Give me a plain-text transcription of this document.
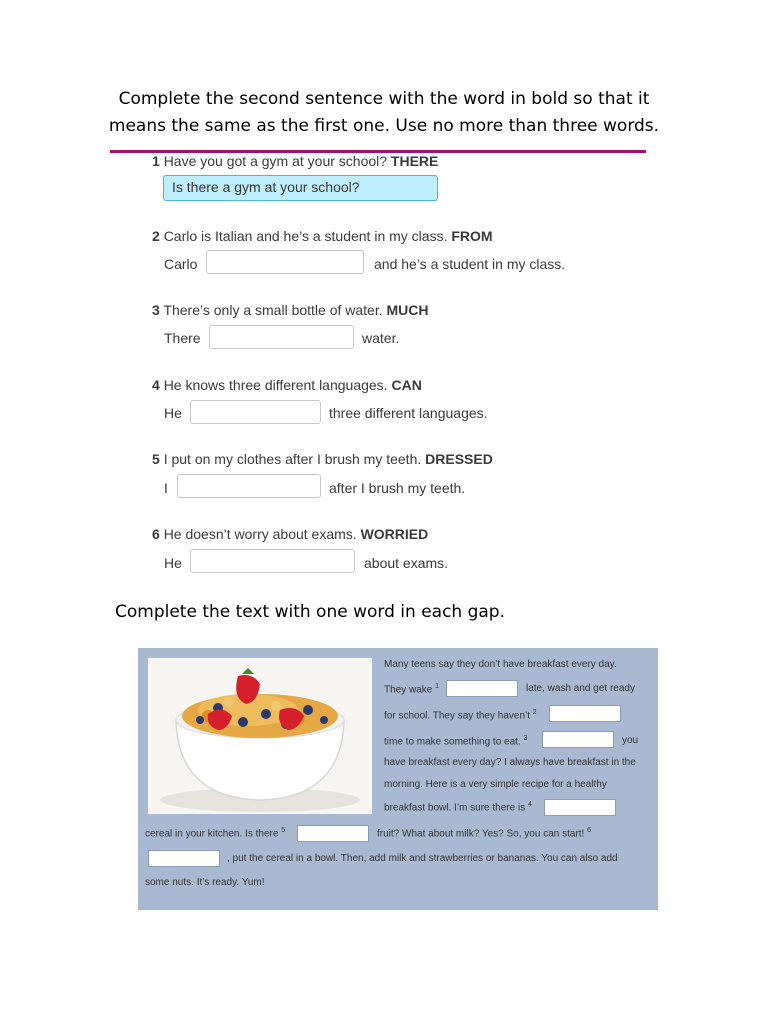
Complete the second sentence with the word in bold so that it
means the same as the first one. Use no more than three words.
1 Have you got a gym at your school? THERE
Is there a gym at your school?
2 Carlo is Italian and he’s a student in my class. FROM
Carlo	and he’s a student in my class.
3 There’s only a small bottle of water. MUCH
There	water.
4 He knows three different languages. CAN
He	three different languages.
5 I put on my clothes after I brush my teeth. DRESSED
I	after I brush my teeth.
6 He doesn’t worry about exams. WORRIED
He	about exams.
Complete the text with one word in each gap.
Many teens say they don’t have breakfast every day.
They wake $^1$	late, wash and get ready
for school. They say they haven’t $^2$
time to make something to eat. $^3$	you
have breakfast every day? I always have breakfast in the
morning. Here is a very simple recipe for a healthy
breakfast bowl. I’m sure there is $^4$
cereal in your kitchen. Is there $^5$	fruit? What about milk? Yes? So, you can start! $^6$
, put the cereal in a bowl. Then, add milk and strawberries or bananas. You can also add
some nuts. It’s ready. Yum!
